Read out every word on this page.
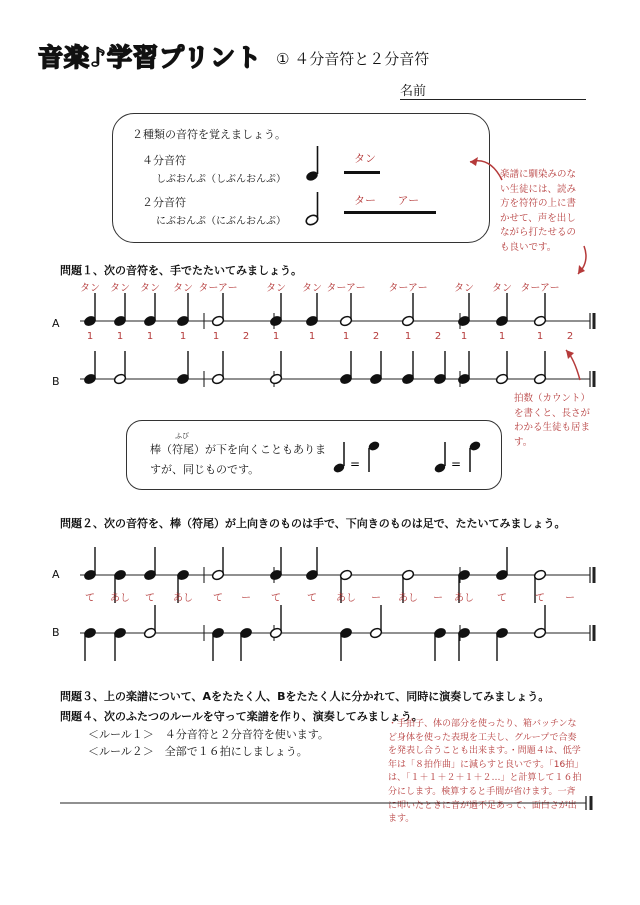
音楽♪学習プリント ① ４分音符と２分音符
名前
２種類の音符を覚えましょう。
４分音符
しぶおんぷ（しぶんおんぷ）
２分音符
にぶおんぷ（にぶんおんぷ）
タン
ター アー
楽譜に馴染みのない生徒には、読み方を符符の上に書かせて、声を出しながら打たせるのも良いです。
問題１、次の音符を、手でたたいてみましょう。
タン タン タン タン ターアー	タン タン ターアー ターアー	タン タン ターアー
1 1 1	1	1 2 1	1	1 2	1 2 1	1	1 2
A
B
拍数（カウント）を書くと、長さがわかる生徒も居ます。
ふび
棒（符尾）が下を向くこともありますが、同じものです。	=	=
問題２、次の音符を、棒（符尾）が上向きのものは手で、下向きのものは足で、たたいてみましょう。
て あし て あし て ー て	て あし ー あし ー あし て	て ー
A
B
問題３、上の楽譜について、Aをたたく人、Bをたたく人に分かれて、同時に演奏してみましょう。
問題４、次のふたつのルールを守って楽譜を作り、演奏してみましょう。
＜ルール１＞　４分音符と２分音符を使います。
＜ルール２＞　全部で１６拍にしましょう。
・手拍子、体の部分を使ったり、箱バッチンなど身体を使った表現を工夫し、グループで合奏を発表し合うことも出来ます。・問題４は、低学年は「８拍作曲」に減らすと良いです。「16拍」は、「１＋１＋２＋１＋２…」と計算して１６拍分にします。検算すると手間が省けます。一斉に叩いたときに音が過不足あって、面白さが出ます。
